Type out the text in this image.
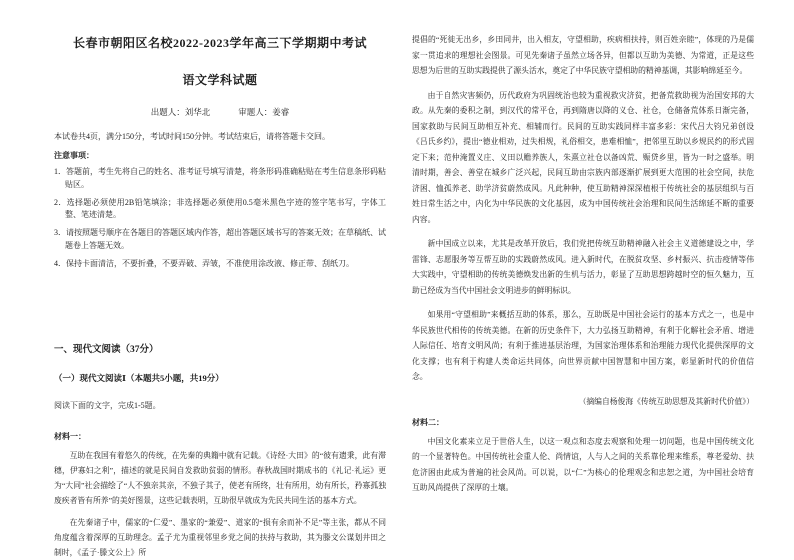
长春市朝阳区名校2022-2023学年高三下学期期中考试
语文学科试题
出题人：刘华北	审题人：姜睿

本试卷共4页，满分150分，考试时间150分钟。考试结束后，请将答题卡交回。

注意事项：

1．答题前，考生先将自己的姓名、准考证号填写清楚，将条形码准确粘贴在考生信息条形码粘贴区。
2．选择题必须使用2B铅笔填涂；非选择题必须使用0.5毫米黑色字迹的签字笔书写，字体工整、笔迹清楚。
3．请按照题号顺序在各题目的答题区域内作答，超出答题区域书写的答案无效；在草稿纸、试题卷上答题无效。
4．保持卡面清洁，不要折叠，不要弄破、弄皱，不准使用涂改液、修正带、刮纸刀。

一、现代文阅读（37分）

（一）现代文阅读Ⅰ（本题共5小题，共19分）

阅读下面的文字，完成1-5题。

材料一：

互助在我国有着悠久的传统，在先秦的典籍中就有记载。《诗经·大田》的“彼有遗秉，此有滞穗，伊寡妇之利”，描述的就是民间自发救助贫弱的情形。春秋战国时期成书的《礼记·礼运》更为“大同”社会描绘了“人不独亲其亲，不独子其子，使老有所终，壮有所用，幼有所长，矜寡孤独废疾者皆有所养”的美好图景，这些记载表明，互助很早就成为先民共同生活的基本方式。

在先秦诸子中，儒家的“仁爱”、墨家的“兼爱”、道家的“损有余而补不足”等主张，都从不同角度蕴含着深厚的互助理念。孟子尤为重视邻里乡党之间的扶持与救助，其为滕文公谋划井田之制时，《孟子·滕文公上》所

提倡的“死徙无出乡，乡田同井，出入相友，守望相助，疾病相扶持，则百姓亲睦”，体现的乃是儒家一贯追求的理想社会图景。可见先秦诸子虽然立场各异，但都以互助为美德、为常道，正是这些思想为后世的互助实践提供了源头活水，奠定了中华民族守望相助的精神基调，其影响绵延至今。

由于自然灾害频仍，历代政府为巩固统治也较为重视救灾济贫，把备荒救助视为治国安邦的大政。从先秦的委积之制，到汉代的常平仓，再到隋唐以降的义仓、社仓，仓储备荒体系日渐完备，国家救助与民间互助相互补充、相辅而行。民间的互助实践同样丰富多彩：宋代吕大钧兄弟创设《吕氏乡约》，提出“德业相劝，过失相规，礼俗相交，患难相恤”，把邻里互助以乡规民约的形式固定下来；范仲淹置义庄、义田以赡养族人，朱熹立社仓以备凶荒、赈贷乡里，皆为一时之盛举。明清时期，善会、善堂在城乡广泛兴起，民间互助由宗族内部逐渐扩展到更大范围的社会空间，扶危济困、恤孤养老、助学济贫蔚然成风。凡此种种，使互助精神深深植根于传统社会的基层组织与百姓日常生活之中，内化为中华民族的文化基因，成为中国传统社会治理和民间生活绵延不断的重要内容。

新中国成立以来，尤其是改革开放后，我们党把传统互助精神融入社会主义道德建设之中，学雷锋、志愿服务等互帮互助的实践蔚然成风。进入新时代，在脱贫攻坚、乡村振兴、抗击疫情等伟大实践中，守望相助的传统美德焕发出新的生机与活力，彰显了互助思想跨越时空的恒久魅力，互助已经成为当代中国社会文明进步的鲜明标识。

如果用“守望相助”来概括互助的体系，那么，互助既是中国社会运行的基本方式之一，也是中华民族世代相传的传统美德。在新的历史条件下，大力弘扬互助精神，有利于化解社会矛盾、增进人际信任、培育文明风尚；有利于推进基层治理，为国家治理体系和治理能力现代化提供深厚的文化支撑；也有利于构建人类命运共同体，向世界贡献中国智慧和中国方案，彰显新时代的价值信念。

（摘编自杨俊海《传统互助思想及其新时代价值》）

材料二：

中国文化素来立足于世俗人生，以这一观点和态度去观察和处理一切问题，也是中国传统文化的一个显著特色。中国传统社会重人伦、尚情谊，人与人之间的关系靠伦理来维系，尊老爱幼、扶危济困由此成为普遍的社会风尚。可以说，以“仁”为核心的伦理观念和忠恕之道，为中国社会培育互助风尚提供了深厚的土壤。
